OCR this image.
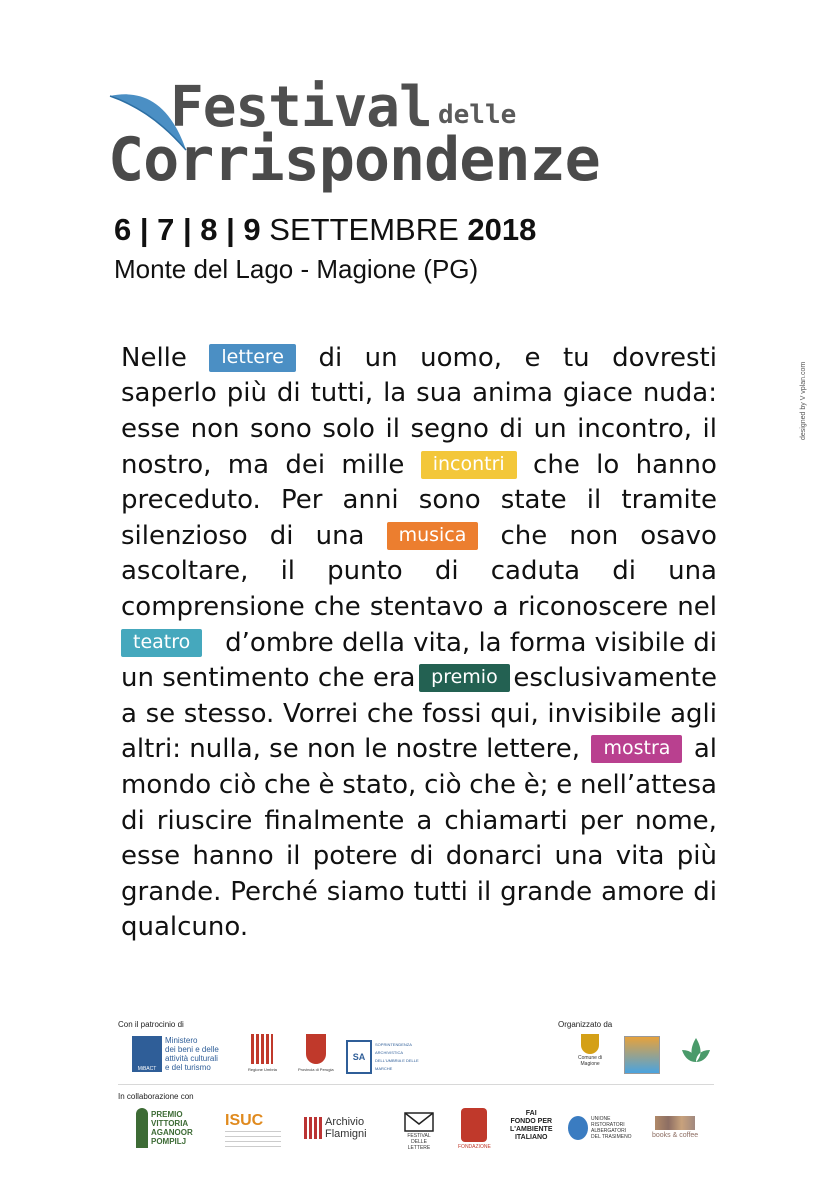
Festival delle
Corrispondenze
6 | 7 | 8 | 9 SETTEMBRE 2018
Monte del Lago - Magione (PG)
designed by V vplan.com
Nelle	lettere	di un uomo, e tu dovresti
saperlo più di tutti, la sua anima giace nuda:
esse non sono solo il segno di un incontro, il
nostro, ma dei mille	incontri	che lo hanno
preceduto. Per anni sono state il tramite
silenzioso di una	musica	che non osavo
ascoltare, il punto di caduta di una
comprensione che stentavo a riconoscere nel
teatro	d’ombre della vita, la forma visibile di
un sentimento che era premio esclusivamente
a se stesso. Vorrei che fossi qui, invisibile agli
altri: nulla, se non le nostre lettere,	mostra al
mondo ciò che è stato, ciò che è; e nell’attesa
di riuscire finalmente a chiamarti per nome,
esse hanno il potere di donarci una vita più
grande. Perché siamo tutti il grande amore di
qualcuno.
Con il patrocinio di	Organizzato da
MiBACT
Ministero
dei beni e delle
attività culturali
e del turismo	Regione Umbria	Provincia di Perugia
SA
SOPRINTENDENZA ARCHIVISTICA DELL'UMBRIA E DELLE MARCHE
Comune di
Magione
In collaborazione con
PREMIO
VITTORIA
AGANOOR
POMPILJ
ISUC	Archivio
Flamigni	FESTIVAL
DELLE
LETTERE	FONDAZIONE
FAI
FONDO PER
L'AMBIENTE
ITALIANO
UNIONE
RISTORATORI
ALBERGATORI
DEL TRASIMENO	books & coffee
